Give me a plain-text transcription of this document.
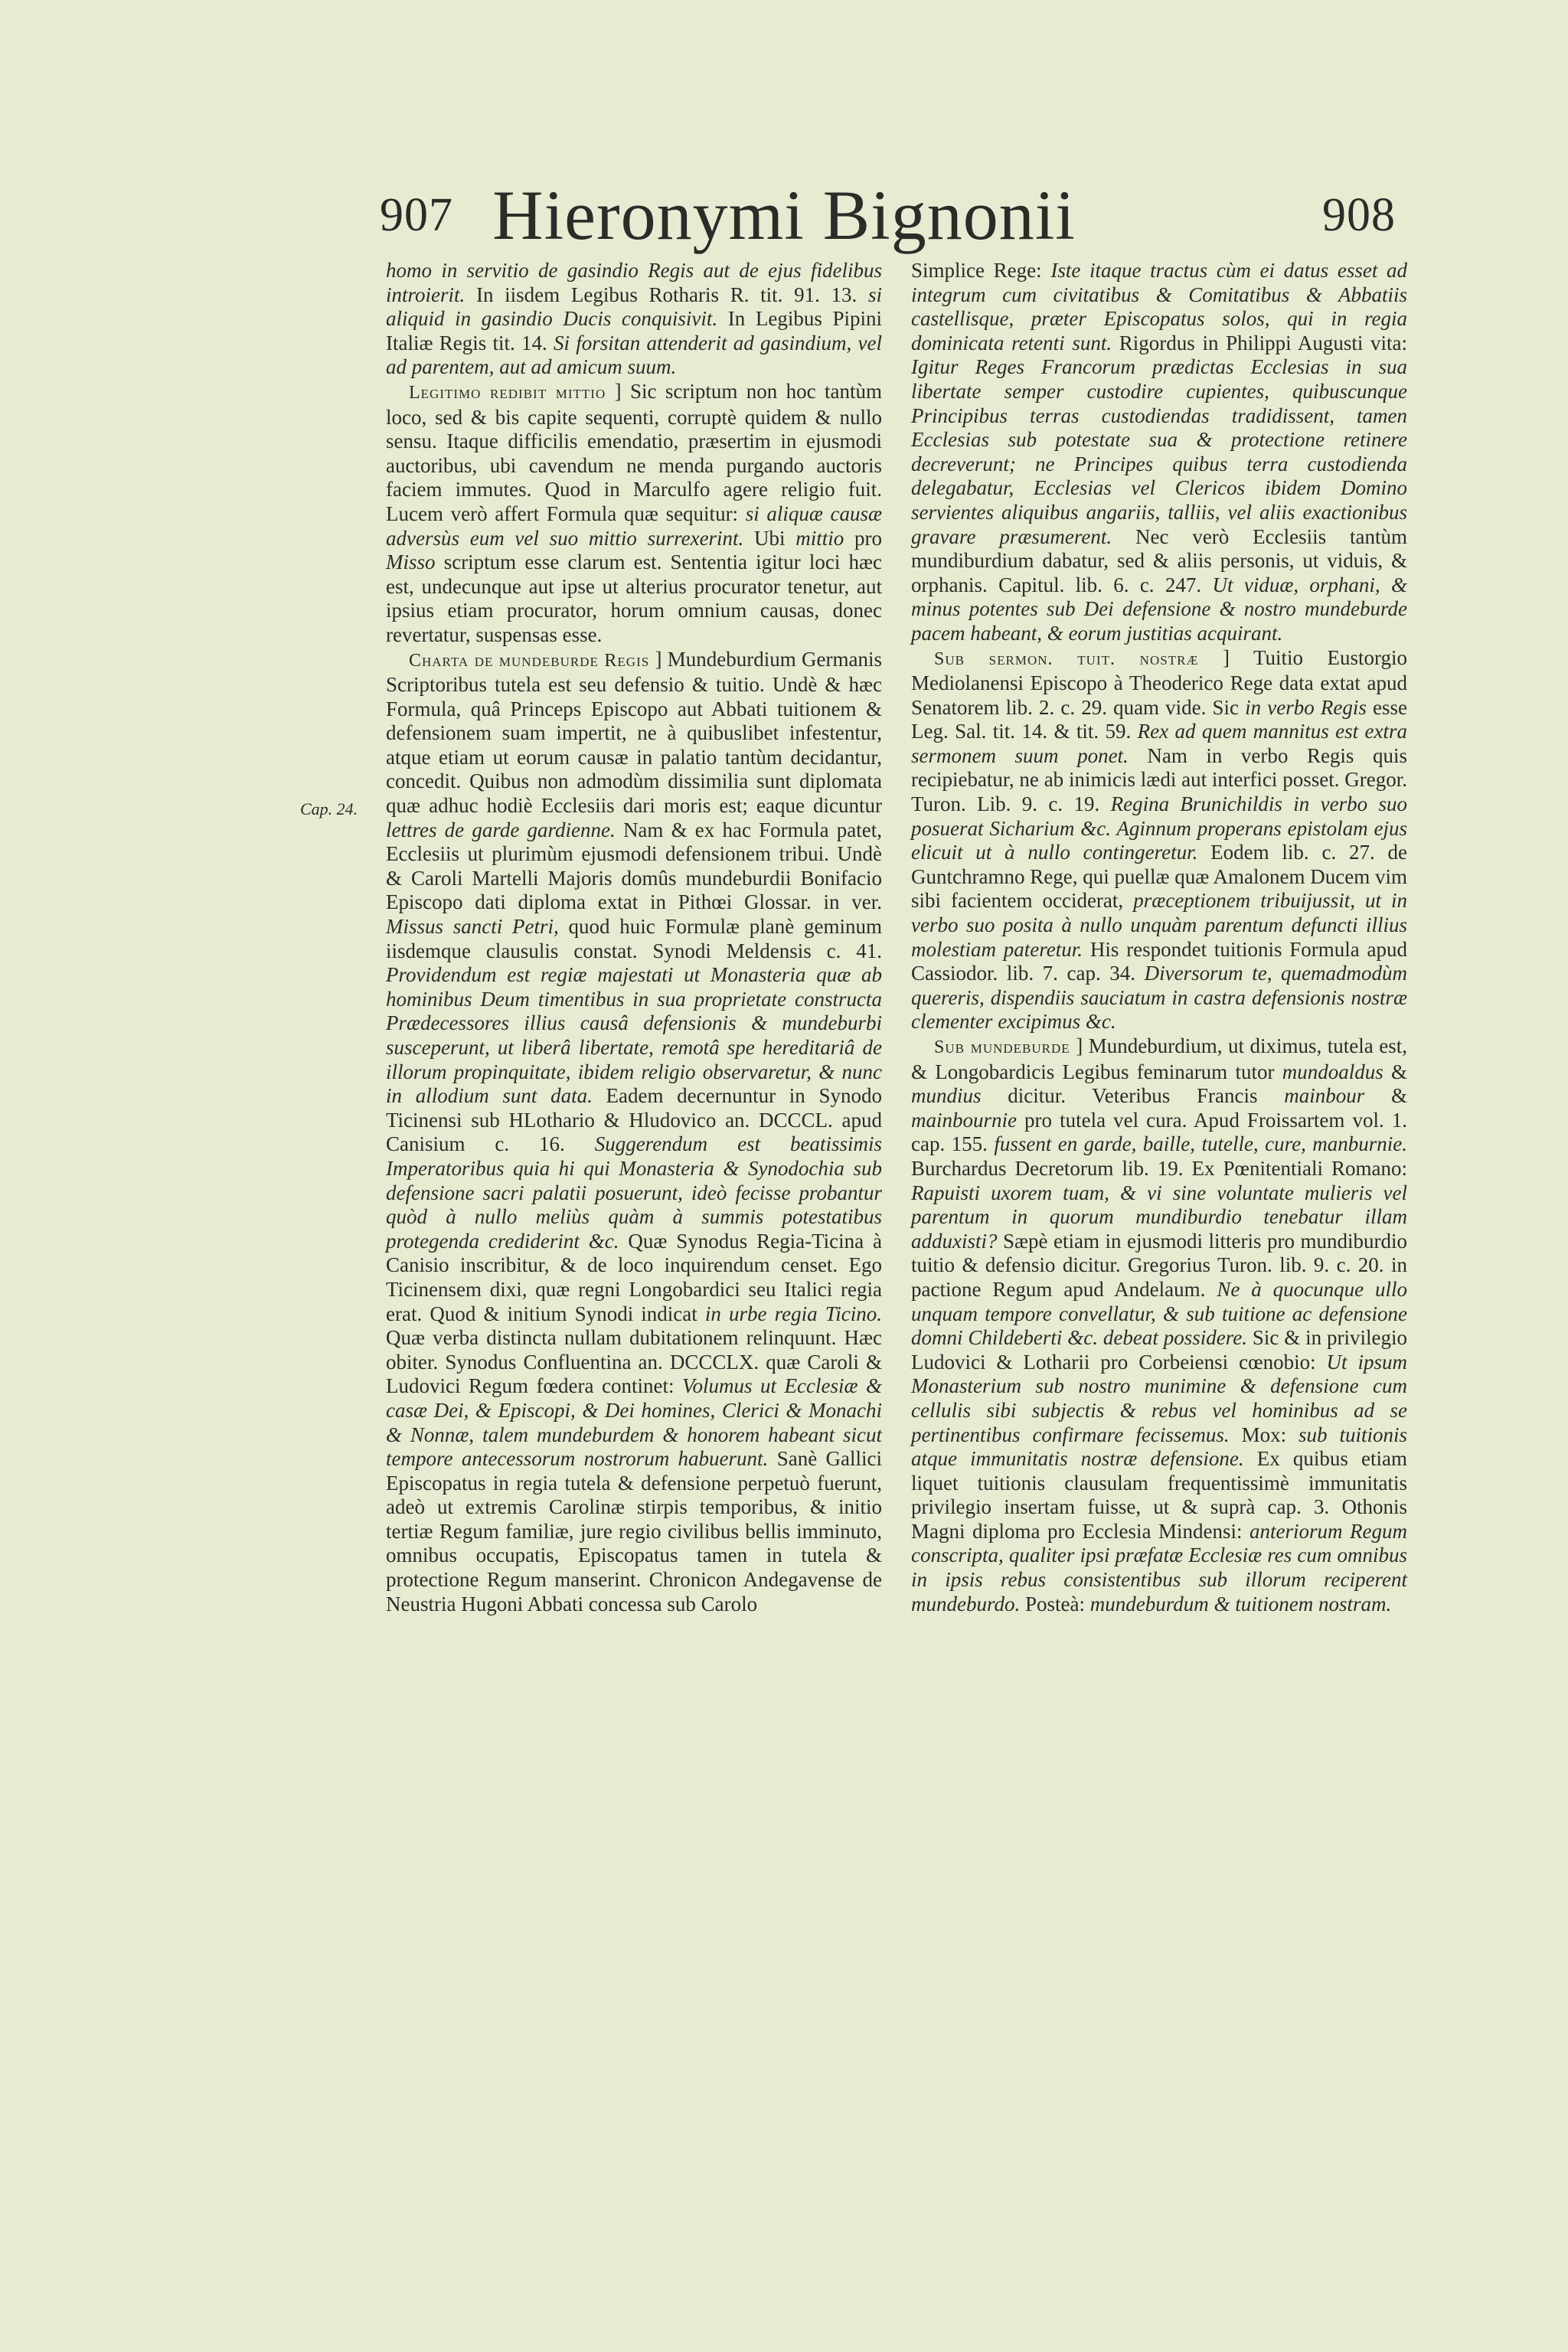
907 Hieronymi Bignonii	908
Cap. 24.

homo in servitio de gasindio Regis aut de ejus fidelibus introierit. In iisdem Legibus Rotharis R. tit. 91. 13. si aliquid in gasindio Ducis conquisivit. In Legibus Pipini Italiæ Regis tit. 14. Si forsitan attenderit ad gasindium, vel ad parentem, aut ad amicum suum.

Legitimo redibit mittio ] Sic scriptum non hoc tantùm loco, sed & bis capite sequenti, corruptè quidem & nullo sensu. Itaque difficilis emendatio, præsertim in ejusmodi auctoribus, ubi cavendum ne menda purgando auctoris faciem immutes. Quod in Marculfo agere religio fuit. Lucem verò affert Formula quæ sequitur: si aliquæ causæ adversùs eum vel suo mittio surrexerint. Ubi mittio pro Misso scriptum esse clarum est. Sententia igitur loci hæc est, undecunque aut ipse ut alterius procurator tenetur, aut ipsius etiam procurator, horum omnium causas, donec revertatur, suspensas esse.

Charta de mundeburde Regis ] Mundeburdium Germanis Scriptoribus tutela est seu defensio & tuitio. Undè & hæc Formula, quâ Princeps Episcopo aut Abbati tuitionem & defensionem suam impertit, ne à quibuslibet infestentur, atque etiam ut eorum causæ in palatio tantùm decidantur, concedit. Quibus non admodùm dissimilia sunt diplomata quæ adhuc hodiè Ecclesiis dari moris est; eaque dicuntur lettres de garde gardienne. Nam & ex hac Formula patet, Ecclesiis ut plurimùm ejusmodi defensionem tribui. Undè & Caroli Martelli Majoris domûs mundeburdii Bonifacio Episcopo dati diploma extat in Pithœi Glossar. in ver. Missus sancti Petri, quod huic Formulæ planè geminum iisdemque clausulis constat. Synodi Meldensis c. 41. Providendum est regiæ majestati ut Monasteria quæ ab hominibus Deum timentibus in sua proprietate constructa Prædecessores illius causâ defensionis & mundeburbi susceperunt, ut liberâ libertate, remotâ spe hereditariâ de illorum propinquitate, ibidem religio observaretur, & nunc in allodium sunt data. Eadem decernuntur in Synodo Ticinensi sub HLothario & Hludovico an. DCCCL. apud Canisium c. 16. Suggerendum est beatissimis Imperatoribus quia hi qui Monasteria & Synodochia sub defensione sacri palatii posuerunt, ideò fecisse probantur quòd à nullo meliùs quàm à summis potestatibus protegenda crediderint &c. Quæ Synodus Regia-Ticina à Canisio inscribitur, & de loco inquirendum censet. Ego Ticinensem dixi, quæ regni Longobardici seu Italici regia erat. Quod & initium Synodi indicat in urbe regia Ticino. Quæ verba distincta nullam dubitationem relinquunt. Hæc obiter. Synodus Confluentina an. DCCCLX. quæ Caroli & Ludovici Regum fœdera continet: Volumus ut Ecclesiæ & casæ Dei, & Episcopi, & Dei homines, Clerici & Monachi & Nonnæ, talem mundeburdem & honorem habeant sicut tempore antecessorum nostrorum habuerunt. Sanè Gallici Episcopatus in regia tutela & defensione perpetuò fuerunt, adeò ut extremis Carolinæ stirpis temporibus, & initio tertiæ Regum familiæ, jure regio civilibus bellis imminuto, omnibus occupatis, Episcopatus tamen in tutela & protectione Regum manserint. Chronicon Andegavense de Neustria Hugoni Abbati concessa sub Carolo

Simplice Rege: Iste itaque tractus cùm ei datus esset ad integrum cum civitatibus & Comitatibus & Abbatiis castellisque, præter Episcopatus solos, qui in regia dominicata retenti sunt. Rigordus in Philippi Augusti vita: Igitur Reges Francorum prædictas Ecclesias in sua libertate semper custodire cupientes, quibuscunque Principibus terras custodiendas tradidissent, tamen Ecclesias sub potestate sua & protectione retinere decreverunt; ne Principes quibus terra custodienda delegabatur, Ecclesias vel Clericos ibidem Domino servientes aliquibus angariis, talliis, vel aliis exactionibus gravare præsumerent. Nec verò Ecclesiis tantùm mundiburdium dabatur, sed & aliis personis, ut viduis, & orphanis. Capitul. lib. 6. c. 247. Ut viduæ, orphani, & minus potentes sub Dei defensione & nostro mundeburde pacem habeant, & eorum justitias acquirant.

Sub sermon. tuit. nostræ ] Tuitio Eustorgio Mediolanensi Episcopo à Theoderico Rege data extat apud Senatorem lib. 2. c. 29. quam vide. Sic in verbo Regis esse Leg. Sal. tit. 14. & tit. 59. Rex ad quem mannitus est extra sermonem suum ponet. Nam in verbo Regis quis recipiebatur, ne ab inimicis lædi aut interfici posset. Gregor. Turon. Lib. 9. c. 19. Regina Brunichildis in verbo suo posuerat Sicharium &c. Aginnum properans epistolam ejus elicuit ut à nullo contingeretur. Eodem lib. c. 27. de Guntchramno Rege, qui puellæ quæ Amalonem Ducem vim sibi facientem occiderat, præceptionem tribuijussit, ut in verbo suo posita à nullo unquàm parentum defuncti illius molestiam pateretur. His respondet tuitionis Formula apud Cassiodor. lib. 7. cap. 34. Diversorum te, quemadmodùm quereris, dispendiis sauciatum in castra defensionis nostræ clementer excipimus &c.

Sub mundeburde ] Mundeburdium, ut diximus, tutela est, & Longobardicis Legibus feminarum tutor mundoaldus & mundius dicitur. Veteribus Francis mainbour & mainbournie pro tutela vel cura. Apud Froissartem vol. 1. cap. 155. fussent en garde, baille, tutelle, cure, manburnie. Burchardus Decretorum lib. 19. Ex Pœnitentiali Romano: Rapuisti uxorem tuam, & vi sine voluntate mulieris vel parentum in quorum mundiburdio tenebatur illam adduxisti? Sæpè etiam in ejusmodi litteris pro mundiburdio tuitio & defensio dicitur. Gregorius Turon. lib. 9. c. 20. in pactione Regum apud Andelaum. Ne à quocunque ullo unquam tempore convellatur, & sub tuitione ac defensione domni Childeberti &c. debeat possidere. Sic & in privilegio Ludovici & Lotharii pro Corbeiensi cœnobio: Ut ipsum Monasterium sub nostro munimine & defensione cum cellulis sibi subjectis & rebus vel hominibus ad se pertinentibus confirmare fecissemus. Mox: sub tuitionis atque immunitatis nostræ defensione. Ex quibus etiam liquet tuitionis clausulam frequentissimè immunitatis privilegio insertam fuisse, ut & suprà cap. 3. Othonis Magni diploma pro Ecclesia Mindensi: anteriorum Regum conscripta, qualiter ipsi præfatæ Ecclesiæ res cum omnibus in ipsis rebus consistentibus sub illorum reciperent mundeburdo. Posteà: mundeburdum & tuitionem nostram.
